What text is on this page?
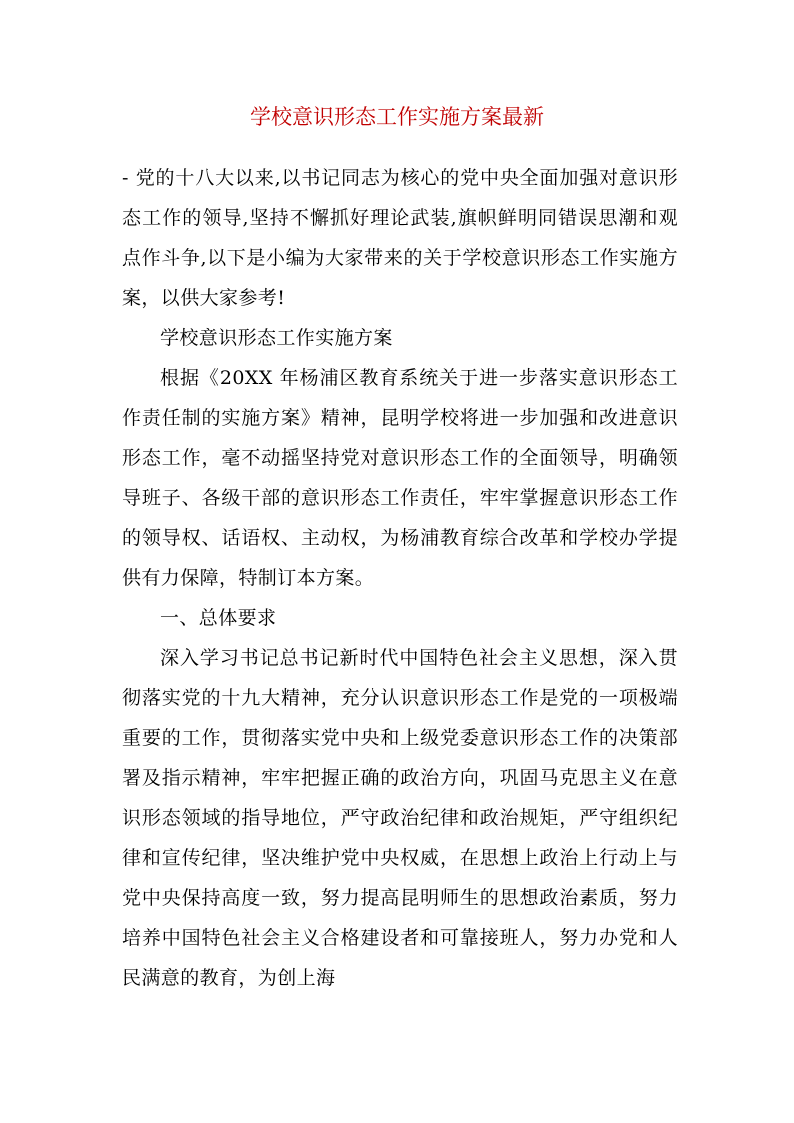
学校意识形态工作实施方案最新

- 党的十八大以来,以书记同志为核心的党中央全面加强对意识形态工作的领导,坚持不懈抓好理论武装,旗帜鲜明同错误思潮和观点作斗争,以下是小编为大家带来的关于学校意识形态工作实施方案，以供大家参考!

学校意识形态工作实施方案

根据《20XX 年杨浦区教育系统关于进一步落实意识形态工作责任制的实施方案》精神，昆明学校将进一步加强和改进意识形态工作，毫不动摇坚持党对意识形态工作的全面领导，明确领导班子、各级干部的意识形态工作责任，牢牢掌握意识形态工作的领导权、话语权、主动权，为杨浦教育综合改革和学校办学提供有力保障，特制订本方案。

一、总体要求

深入学习书记总书记新时代中国特色社会主义思想，深入贯彻落实党的十九大精神，充分认识意识形态工作是党的一项极端重要的工作，贯彻落实党中央和上级党委意识形态工作的决策部署及指示精神，牢牢把握正确的政治方向，巩固马克思主义在意识形态领域的指导地位，严守政治纪律和政治规矩，严守组织纪律和宣传纪律，坚决维护党中央权威，在思想上政治上行动上与党中央保持高度一致，努力提高昆明师生的思想政治素质，努力培养中国特色社会主义合格建设者和可靠接班人，努力办党和人民满意的教育，为创上海
